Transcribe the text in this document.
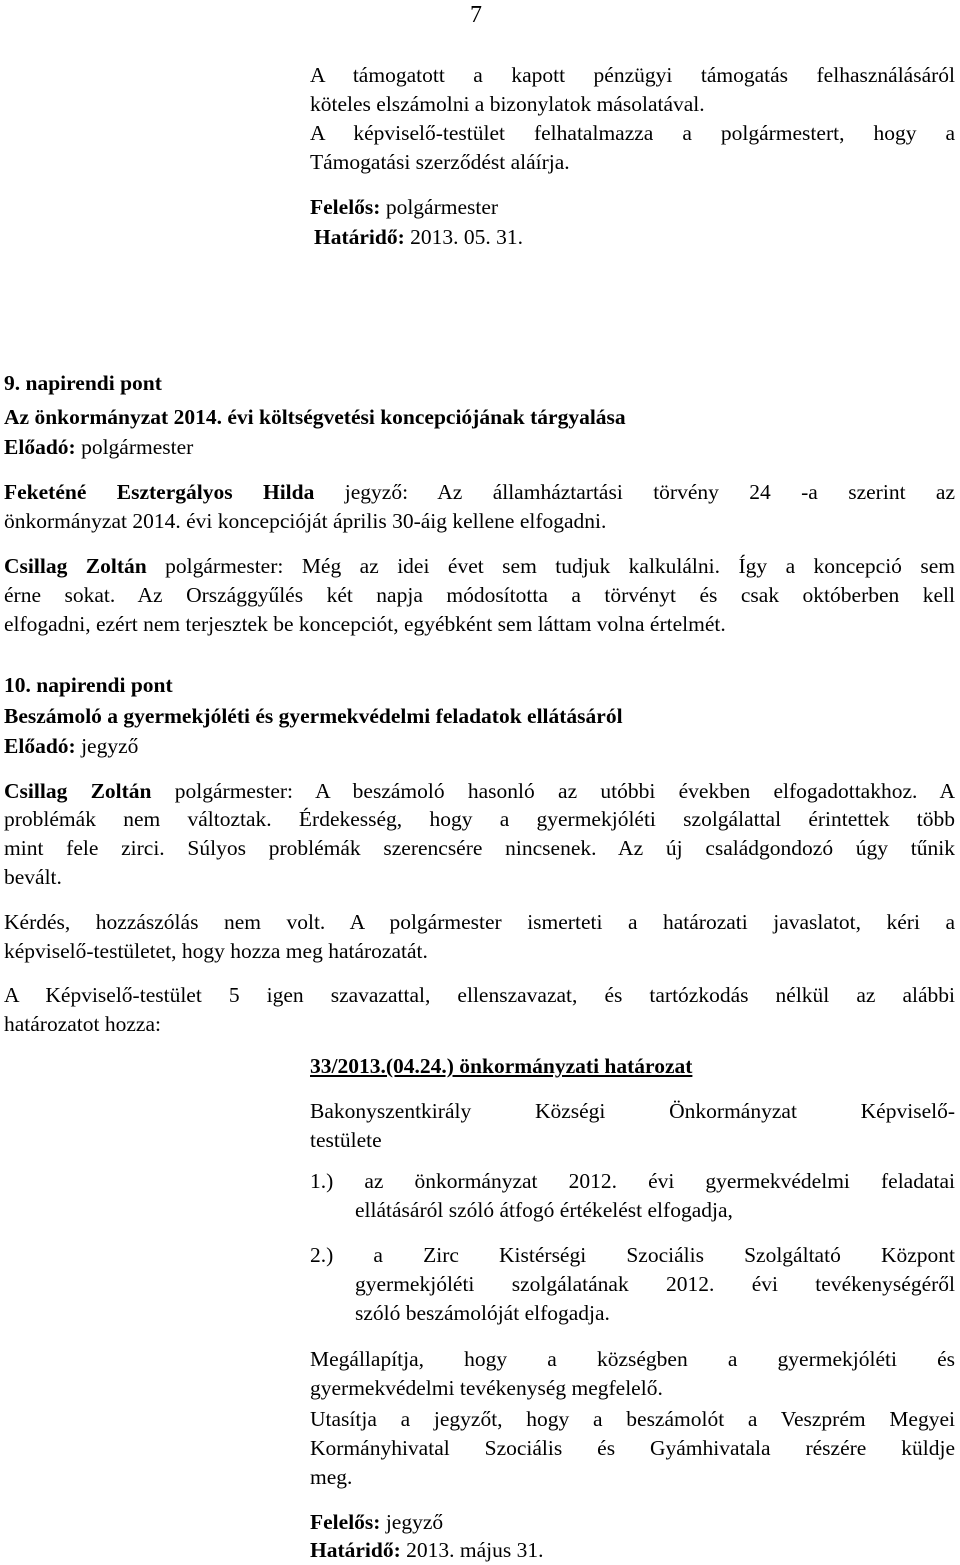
7
A támogatott a kapott pénzügyi támogatás felhasználásáról
köteles elszámolni a bizonylatok másolatával.
A képviselő-testület felhatalmazza a polgármestert, hogy a
Támogatási szerződést aláírja.
Felelős: polgármester
Határidő: 2013. 05. 31.
9. napirendi pont
Az önkormányzat 2014. évi költségvetési koncepciójának tárgyalása
Előadó: polgármester
Feketéné Esztergályos Hilda jegyző: Az államháztartási törvény 24 -a szerint az
önkormányzat 2014. évi koncepcióját április 30-áig kellene elfogadni.
Csillag Zoltán polgármester: Még az idei évet sem tudjuk kalkulálni. Így a koncepció sem
érne sokat. Az Országgyűlés két napja módosította a törvényt és csak októberben kell
elfogadni, ezért nem terjesztek be koncepciót, egyébként sem láttam volna értelmét.
10. napirendi pont
Beszámoló a gyermekjóléti és gyermekvédelmi feladatok ellátásáról
Előadó: jegyző
Csillag Zoltán polgármester: A beszámoló hasonló az utóbbi években elfogadottakhoz. A
problémák nem változtak. Érdekesség, hogy a gyermekjóléti szolgálattal érintettek több
mint fele zirci. Súlyos problémák szerencsére nincsenek. Az új családgondozó úgy tűnik
bevált.
Kérdés, hozzászólás nem volt. A polgármester ismerteti a határozati javaslatot, kéri a
képviselő-testületet, hogy hozza meg határozatát.
A Képviselő-testület 5 igen szavazattal, ellenszavazat, és tartózkodás nélkül az alábbi
határozatot hozza:
33/2013.(04.24.) önkormányzati határozat
Bakonyszentkirály Községi Önkormányzat Képviselő-
testülete
1.) az önkormányzat 2012. évi gyermekvédelmi feladatai
ellátásáról szóló átfogó értékelést elfogadja,
2.) a Zirc Kistérségi Szociális Szolgáltató Központ
gyermekjóléti szolgálatának 2012. évi tevékenységéről
szóló beszámolóját elfogadja.
Megállapítja, hogy a községben a gyermekjóléti és
gyermekvédelmi tevékenység megfelelő.
Utasítja a jegyzőt, hogy a beszámolót a Veszprém Megyei
Kormányhivatal Szociális és Gyámhivatala részére küldje
meg.
Felelős: jegyző
Határidő: 2013. május 31.
